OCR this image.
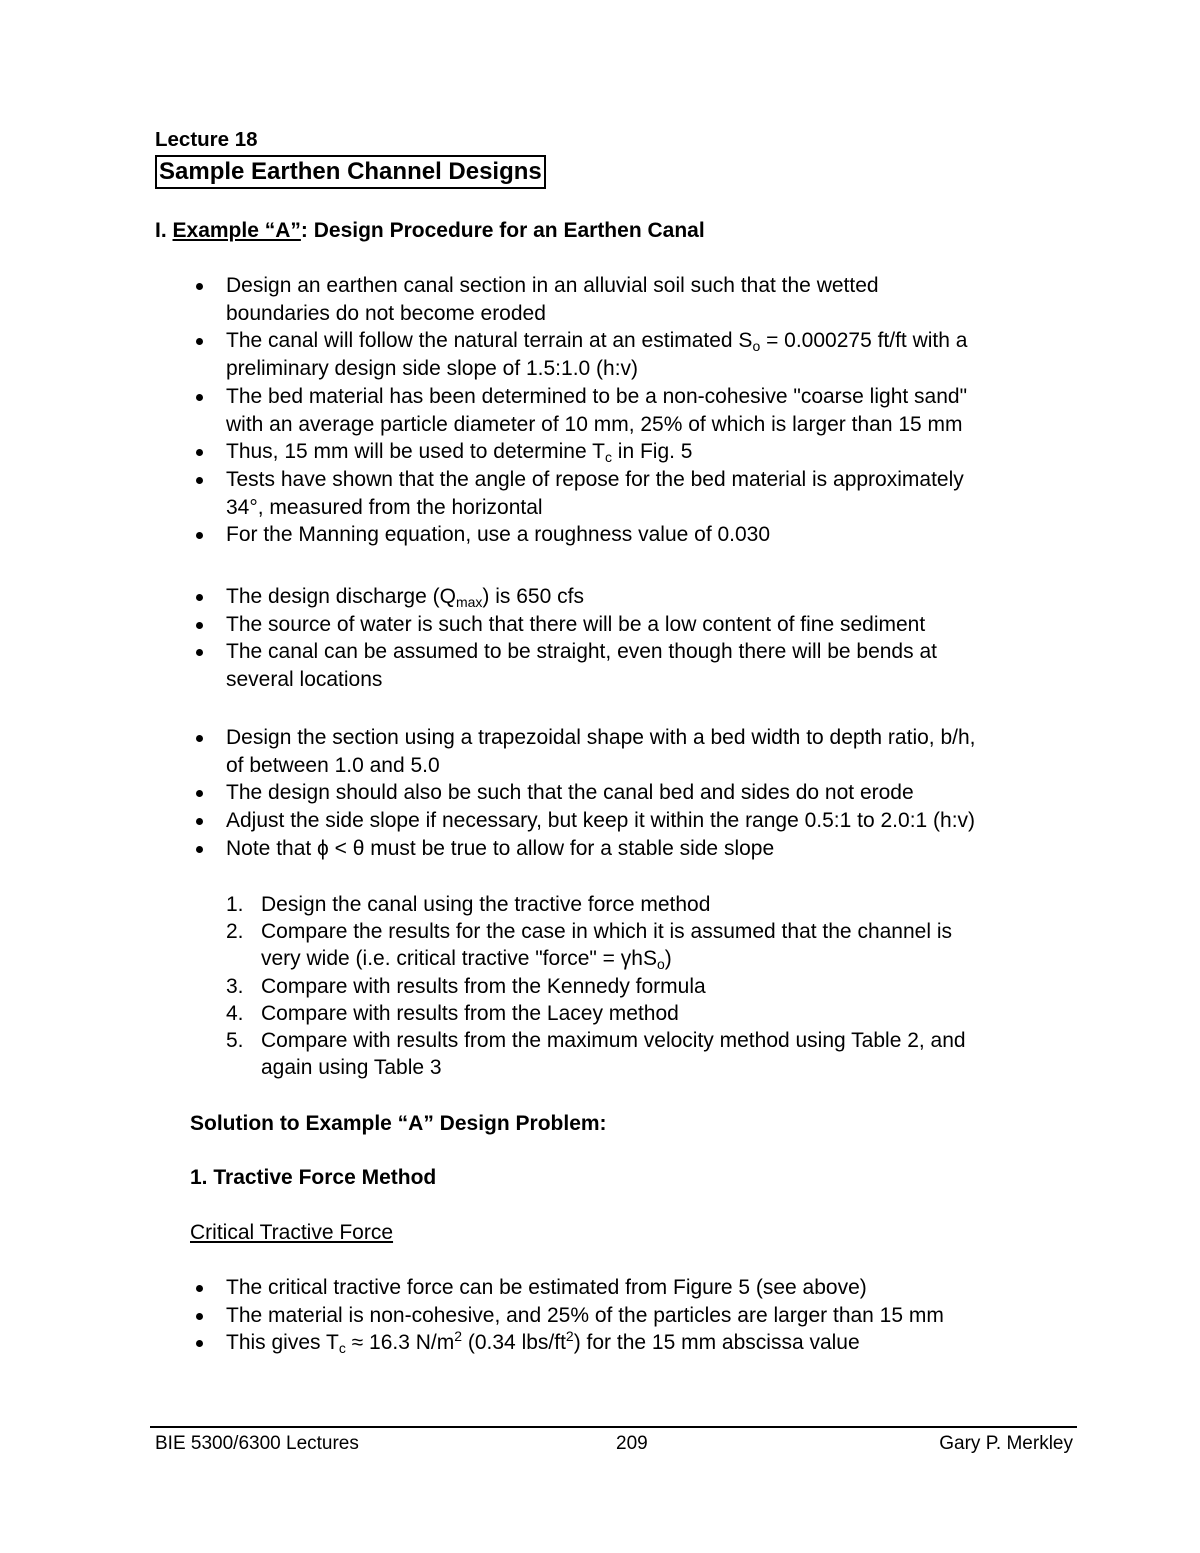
Lecture 18
Sample Earthen Channel Designs
I. Example “A”: Design Procedure for an Earthen Canal
Design an earthen canal section in an alluvial soil such that the wetted
boundaries do not become eroded
The canal will follow the natural terrain at an estimated $S_o = 0.000275$ ft/ft with a
preliminary design side slope of 1.5:1.0 (h:v)
The bed material has been determined to be a non-cohesive "coarse light sand"
with an average particle diameter of 10 mm, 25% of which is larger than 15 mm
Thus, 15 mm will be used to determine $T_c$ in Fig. 5
Tests have shown that the angle of repose for the bed material is approximately
34°, measured from the horizontal
For the Manning equation, use a roughness value of 0.030
The design discharge $(Q_{max})$ is 650 cfs
The source of water is such that there will be a low content of fine sediment
The canal can be assumed to be straight, even though there will be bends at
several locations
Design the section using a trapezoidal shape with a bed width to depth ratio, b/h,
of between 1.0 and 5.0
The design should also be such that the canal bed and sides do not erode
Adjust the side slope if necessary, but keep it within the range 0.5:1 to 2.0:1 (h:v)
Note that ϕ < θ must be true to allow for a stable side slope
1. Design the canal using the tractive force method
2. Compare the results for the case in which it is assumed that the channel is
very wide (i.e. critical tractive "force" = γhS$_o$)
3. Compare with results from the Kennedy formula
4. Compare with results from the Lacey method
5. Compare with results from the maximum velocity method using Table 2, and
again using Table 3
Solution to Example “A” Design Problem:
1. Tractive Force Method
Critical Tractive Force
The critical tractive force can be estimated from Figure 5 (see above)
The material is non-cohesive, and 25% of the particles are larger than 15 mm
This gives $T_c \approx 16.3$ $N/m^2$ (0.34 lbs/$ft^2$) for the 15 mm abscissa value
BIE 5300/6300 Lectures	209	Gary P. Merkley
